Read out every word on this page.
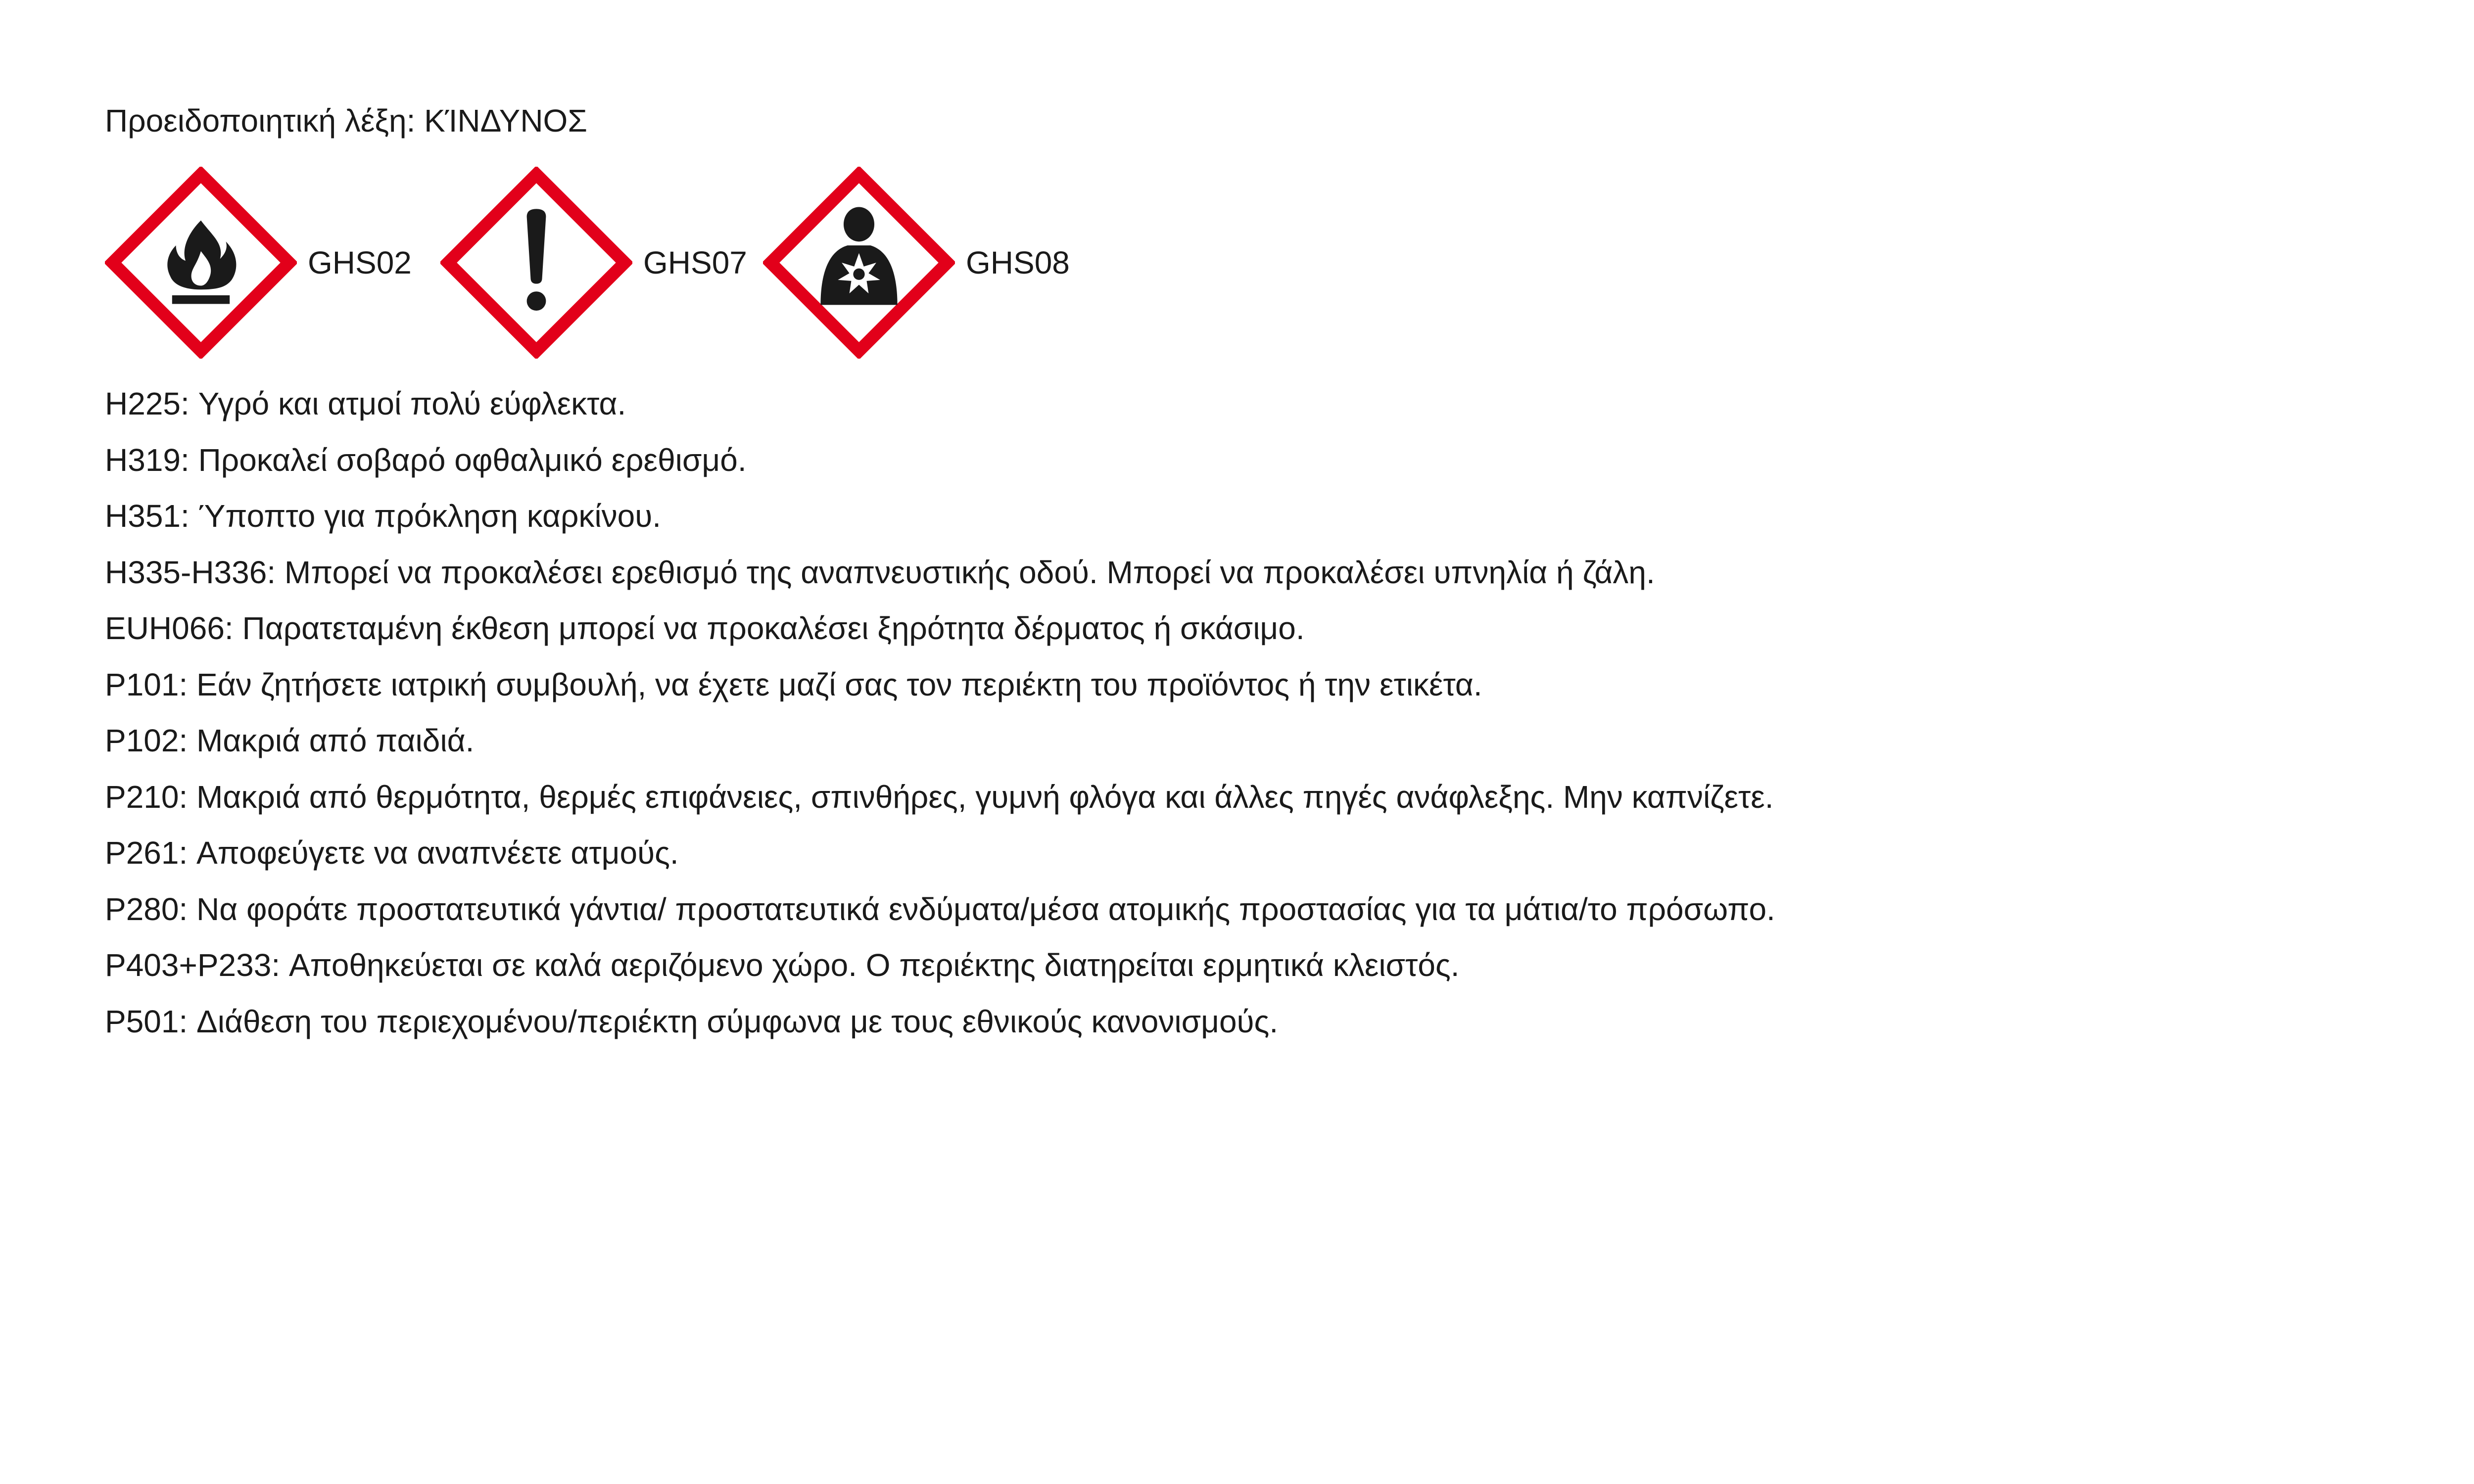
Προειδοποιητική λέξη: ΚΊΝΔΥΝΟΣ
GHS02	GHS07	GHS08
H225: Υγρό και ατμοί πολύ εύφλεκτα.
H319: Προκαλεί σοβαρό οφθαλμικό ερεθισμό.
H351: Ύποπτο για πρόκληση καρκίνου.
H335-H336: Μπορεί να προκαλέσει ερεθισμό της αναπνευστικής οδού. Μπορεί να προκαλέσει υπνηλία ή ζάλη.
EUH066: Παρατεταμένη έκθεση μπορεί να προκαλέσει ξηρότητα δέρματος ή σκάσιμο.
P101: Εάν ζητήσετε ιατρική συμβουλή, να έχετε μαζί σας τον περιέκτη του προϊόντος ή την ετικέτα.
P102: Μακριά από παιδιά.
P210: Μακριά από θερμότητα, θερμές επιφάνειες, σπινθήρες, γυμνή φλόγα και άλλες πηγές ανάφλεξης. Μην καπνίζετε.
P261: Αποφεύγετε να αναπνέετε ατμούς.
P280: Να φοράτε προστατευτικά γάντια/ προστατευτικά ενδύματα/μέσα ατομικής προστασίας για τα μάτια/το πρόσωπο.
P403+P233: Αποθηκεύεται σε καλά αεριζόμενο χώρο. Ο περιέκτης διατηρείται ερμητικά κλειστός.
P501: Διάθεση του περιεχομένου/περιέκτη σύμφωνα με τους εθνικούς κανονισμούς.
